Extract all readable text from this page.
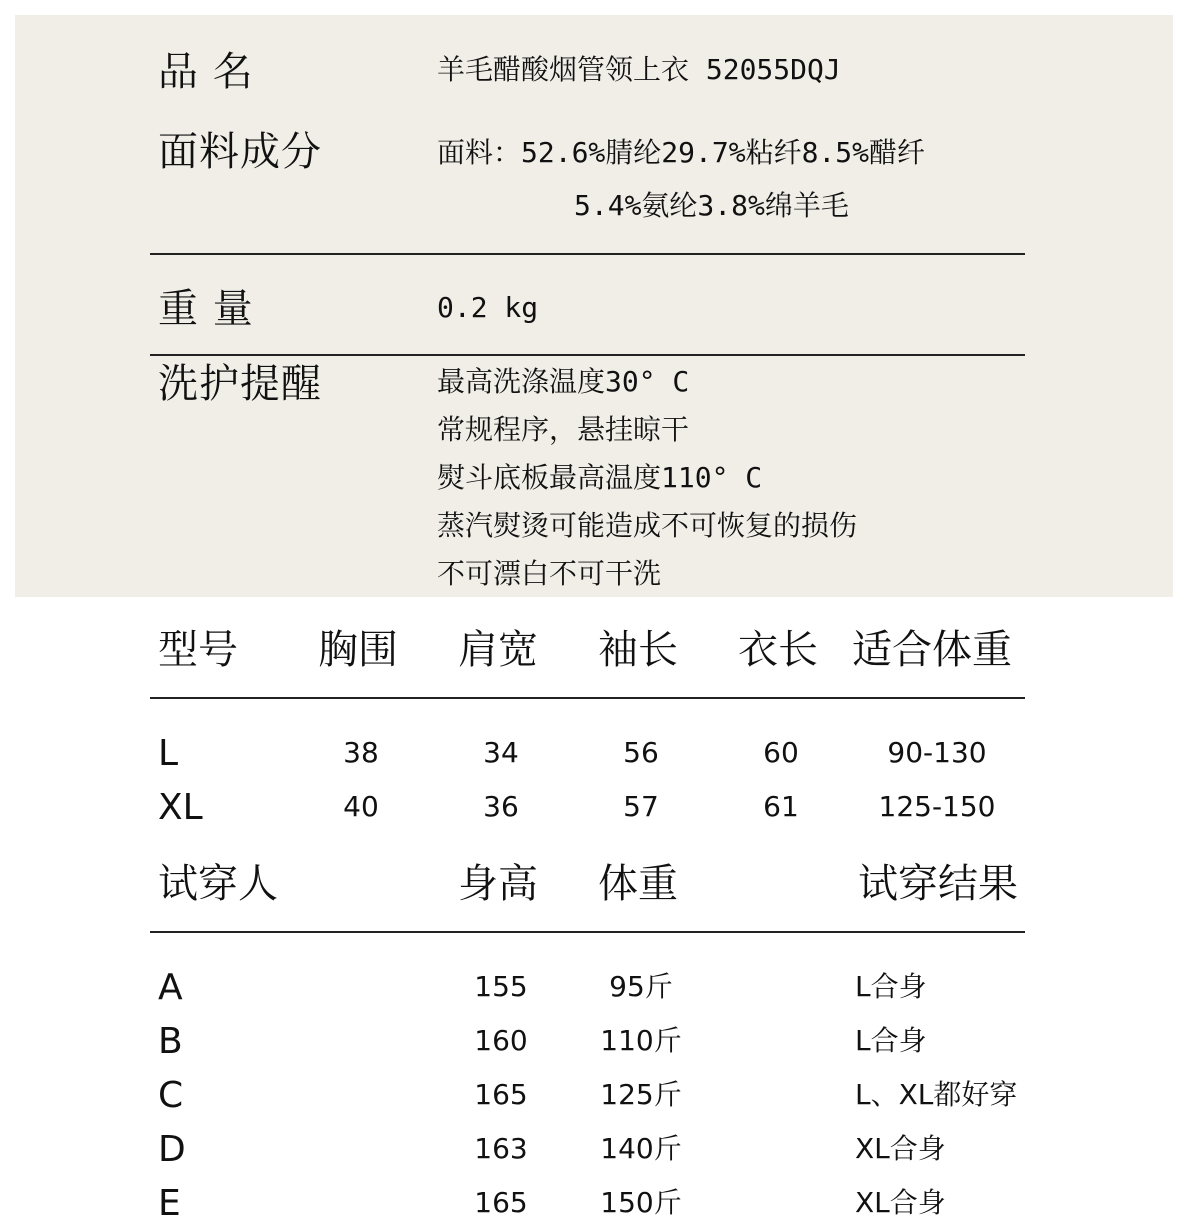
品 名	羊毛醋酸烟管领上衣 52055DQJ
面料成分	面料：52.6%腈纶29.7%粘纤8.5%醋纤
5.4%氨纶3.8%绵羊毛
重 量	0.2 kg
洗护提醒	最高洗涤温度30° C
常规程序，悬挂晾干
熨斗底板最高温度110° C
蒸汽熨烫可能造成不可恢复的损伤
不可漂白不可干洗
型号 胸围 肩宽 袖长 衣长 适合体重
L	38	34	56	60	90-130
XL	40	36	57	61	125-150
试穿人	身高 体重	试穿结果
A	155	95斤	L合身
B	160	110斤	L合身
C	165	125斤	L、XL都好穿
D	163	140斤	XL合身
E	165	150斤	XL合身
